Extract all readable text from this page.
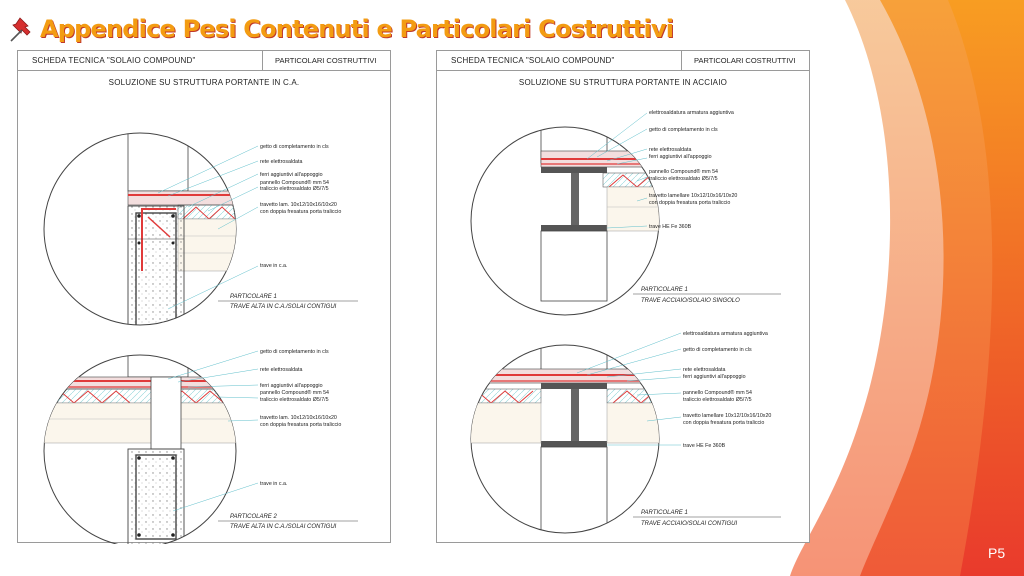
Appendice Pesi Contenuti e Particolari Costruttivi
SCHEDA TECNICA "SOLAIO COMPOUND"	PARTICOLARI COSTRUTTIVI
SOLUZIONE SU STRUTTURA PORTANTE IN C.A.
getto di completamento in cls
rete elettrosaldata
ferri aggiuntivi all'appoggio
pannello Compound® mm 54
traliccio elettrosaldato Ø5/7/5
travetto lam. 10x12/10x16/10x20
con doppia fresatura porta traliccio
trave in c.a.
PARTICOLARE 1
TRAVE ALTA IN C.A./SOLAI CONTIGUI
getto di completamento in cls
rete elettrosaldata
ferri aggiuntivi all'appoggio
pannello Compound® mm 54
traliccio elettrosaldato Ø5/7/5
travetto lam. 10x12/10x16/10x20
con doppia fresatura porta traliccio
trave in c.a.
PARTICOLARE 2
TRAVE ALTA IN C.A./SOLAI CONTIGUI
SCHEDA TECNICA "SOLAIO COMPOUND"	PARTICOLARI COSTRUTTIVI
SOLUZIONE SU STRUTTURA PORTANTE IN ACCIAIO
elettrosaldatura armatura aggiuntiva
getto di completamento in cls
rete elettrosaldata
ferri aggiuntivi all'appoggio
pannello Compound® mm 54
traliccio elettrosaldato Ø5/7/5
travetto lamellare 10x12/10x16/10x20
con doppia fresatura porta traliccio
trave HE Fe 360B
PARTICOLARE 1
TRAVE ACCIAIO/SOLAIO SINGOLO
elettrosaldatura armatura aggiuntiva
getto di completamento in cls
rete elettrosaldata
ferri aggiuntivi all'appoggio
pannello Compound® mm 54
traliccio elettrosaldato Ø5/7/5
travetto lamellare 10x12/10x16/10x20
con doppia fresatura porta traliccio
trave HE Fe 360B
PARTICOLARE 1
TRAVE ACCIAIO/SOLAI CONTIGUI
P5
